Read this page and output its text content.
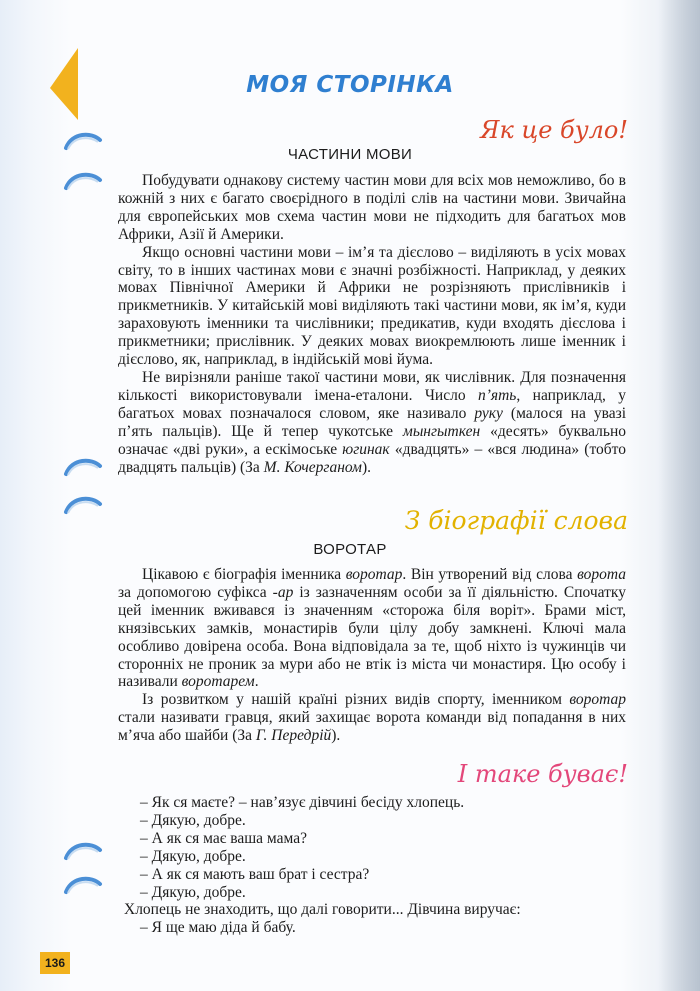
МОЯ СТОРІНКА
Як це було!
ЧАСТИНИ МОВИ

Побудувати однакову систему частин мови для всіх мов неможливо, бо в кожній з них є багато своєрідного в поділі слів на частини мови. Звичайна для європейських мов схема частин мови не підходить для багатьох мов Африки, Азії й Америки.

Якщо основні частини мови – ім’я та дієслово – виділяють в усіх мовах світу, то в інших частинах мови є значні розбіжності. Наприклад, у деяких мовах Північної Америки й Африки не розрізняють прислівників і прикметників. У китайській мові виділяють такі частини мови, як ім’я, куди зараховують іменники та числівники; предикатив, куди входять дієслова і прикметники; прислівник. У деяких мовах виокремлюють лише іменник і дієслово, як, наприклад, в індійській мові йума.

Не вирізняли раніше такої частини мови, як числівник. Для позначення кількості використовували імена-еталони. Число п’ять, наприклад, у багатьох мовах позначалося словом, яке називало руку (малося на увазі п’ять пальців). Ще й тепер чукотське мынгыткен «десять» буквально означає «дві руки», а ескімоське югинак «двадцять» – «вся людина» (тобто двадцять пальців) (За М. Кочерганом).

З біографії слова
ВОРОТАР

Цікавою є біографія іменника воротар. Він утворений від слова ворота за допомогою суфікса -ар із зазначенням особи за її діяльністю. Спочатку цей іменник вживався із значенням «сторожа біля воріт». Брами міст, князівських замків, монастирів були цілу добу замкнені. Ключі мала особливо довірена особа. Вона відповідала за те, щоб ніхто із чужинців чи сторонніх не проник за мури або не втік із міста чи монастиря. Цю особу і називали воротарем.

Із розвитком у нашій країні різних видів спорту, іменником воротар стали називати гравця, який захищає ворота команди від попадання в них м’яча або шайби (За Г. Передрій).

І таке буває!
– Як ся маєте? – нав’язує дівчині бесіду хлопець.
– Дякую, добре.
– А як ся має ваша мама?
– Дякую, добре.
– А як ся мають ваш брат і сестра?
– Дякую, добре.
Хлопець не знаходить, що далі говорити... Дівчина виручає:
– Я ще маю діда й бабу.
136
